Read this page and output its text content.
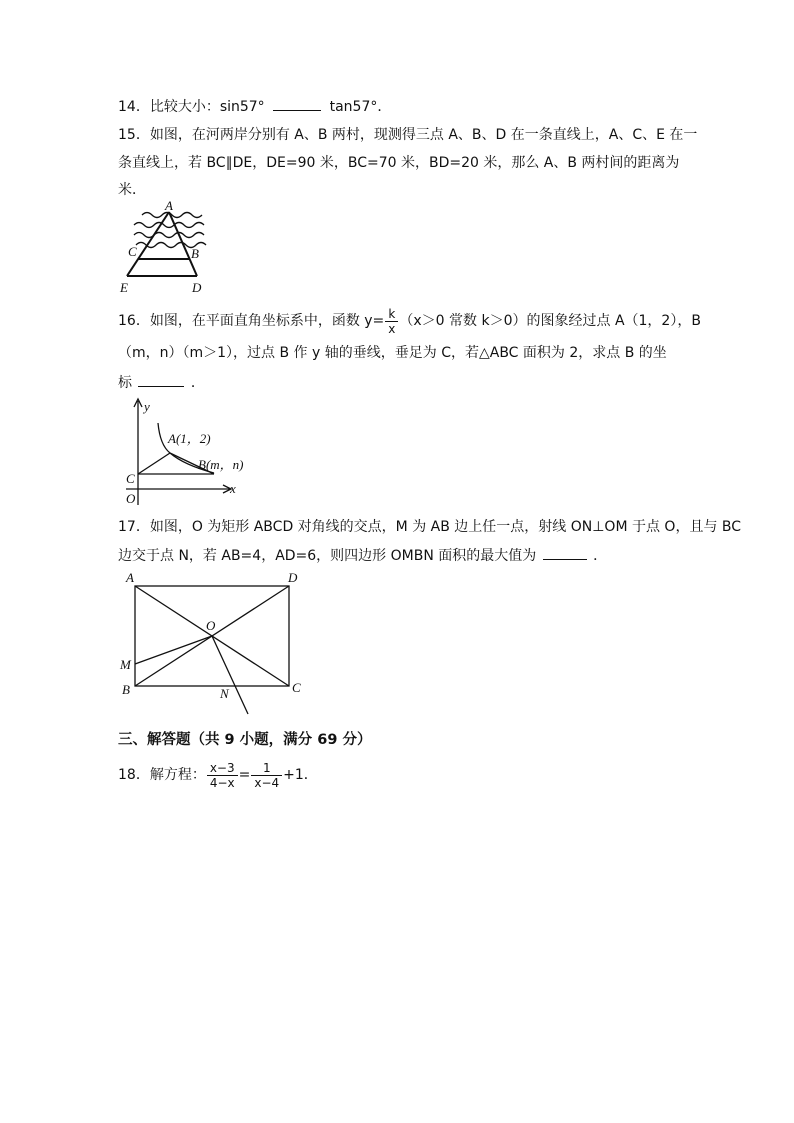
14．比较大小：sin57°	tan57°．
15．如图，在河两岸分别有 A、B 两村，现测得三点 A、B、D 在一条直线上，A、C、E 在一
条直线上，若 BC∥DE，DE=90 米，BC=70 米，BD=20 米，那么 A、B 两村间的距离为
米．
A
C	B
E	D
16．如图，在平面直角坐标系中，函数 $y= \frac{k}{x} (x>0$ 常数 k＞0）的图象经过点 A（1，2），B
（m，n）（m＞1），过点 B 作 y 轴的垂线，垂足为 C，若△ABC 面积为 2，求点 B 的坐
标	．
y
A(1，2)
B(m，n)
C
x
O
17．如图，O 为矩形 ABCD 对角线的交点，M 为 AB 边上任一点，射线 ON⊥OM 于点 O，且与 BC
边交于点 N，若 AB=4，AD=6，则四边形 OMBN 面积的最大值为	．
A	D
O
M
B	N	C
三、解答题（共 9 小题，满分 69 分）
18．解方程： $\frac{x-3}{4-x} = \frac{1}{x-4} +1$．
